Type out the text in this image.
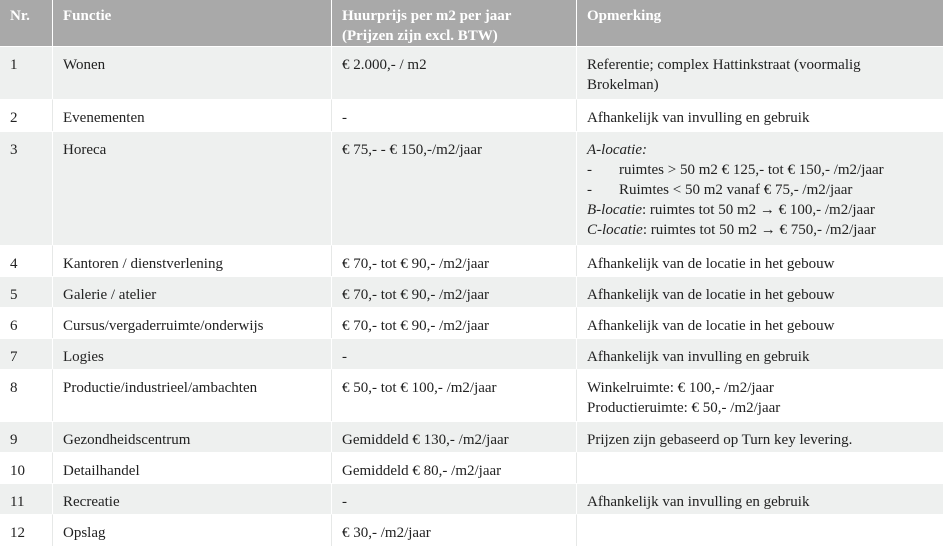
Nr.	Functie	Huurprijs per m2 per jaar (Prijzen zijn excl. BTW)	Opmerking
1	Wonen	€ 2.000,- / m2	Referentie; complex Hattinkstraat (voormalig Brokelman)
2	Evenementen	-	Afhankelijk van invulling en gebruik
3	Horeca	€ 75,- - € 150,-/m2/jaar	A-locatie:
- ruimtes > 50 m2 € 125,- tot € 150,- /m2/jaar
- Ruimtes < 50 m2 vanaf € 75,- /m2/jaar
B-locatie: ruimtes tot 50 m2 → € 100,- /m2/jaar
C-locatie: ruimtes tot 50 m2 → € 750,- /m2/jaar

4	Kantoren / dienstverlening	€ 70,- tot € 90,- /m2/jaar	Afhankelijk van de locatie in het gebouw
5	Galerie / atelier	€ 70,- tot € 90,- /m2/jaar	Afhankelijk van de locatie in het gebouw
6	Cursus/vergaderruimte/onderwijs	€ 70,- tot € 90,- /m2/jaar	Afhankelijk van de locatie in het gebouw
7	Logies	-	Afhankelijk van invulling en gebruik
8	Productie/industrieel/ambachten	€ 50,- tot € 100,- /m2/jaar	Winkelruimte: € 100,- /m2/jaar
Productieruimte: € 50,- /m2/jaar

9	Gezondheidscentrum	Gemiddeld € 130,- /m2/jaar	Prijzen zijn gebaseerd op Turn key levering.
10	Detailhandel	Gemiddeld € 80,- /m2/jaar	
11	Recreatie	-	Afhankelijk van invulling en gebruik
12	Opslag	€ 30,- /m2/jaar	
